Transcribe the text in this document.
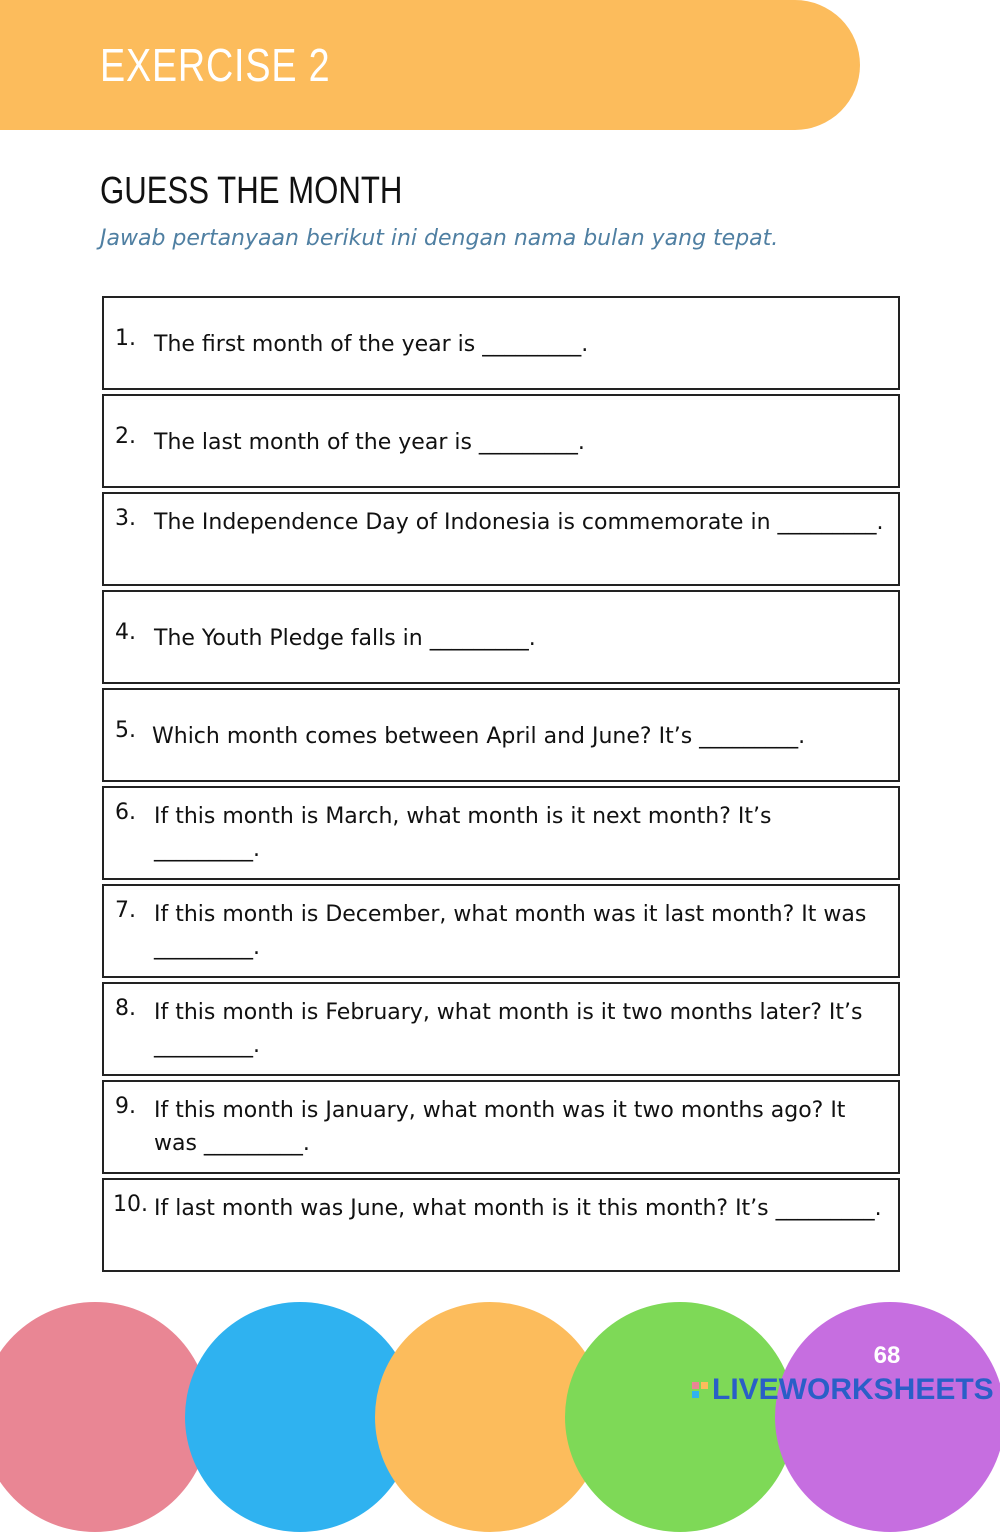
EXERCISE 2
GUESS THE MONTH
Jawab pertanyaan berikut ini dengan nama bulan yang tepat.
1. The first month of the year is _________.
2. The last month of the year is _________.
3. The Independence Day of Indonesia is commemorate in _________.
4. The Youth Pledge falls in _________.
5. Which month comes between April and June? It’s _________.
6. If this month is March, what month is it next month? It’s _________.
7. If this month is December, what month was it last month? It was _________.
8. If this month is February, what month is it two months later? It’s _________.
9. If this month is January, what month was it two months ago? It was _________.
10. If last month was June, what month is it this month? It’s _________.
68
LIVEWORKSHEETS
